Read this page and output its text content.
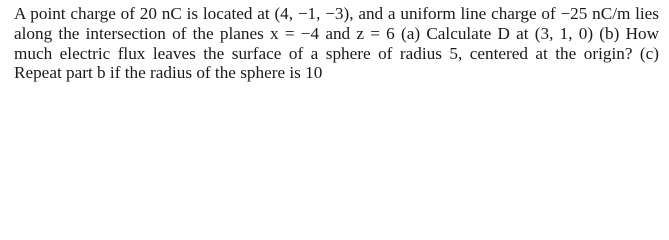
A point charge of 20 nC is located at (4, −1, −3), and a uniform line charge of −25 nC/m lies along the intersection of the planes x = −4 and z = 6 (a) Calculate D at (3, 1, 0) (b) How much electric flux leaves the surface of a sphere of radius 5, centered at the origin? (c) Repeat part b if the radius of the sphere is 10
